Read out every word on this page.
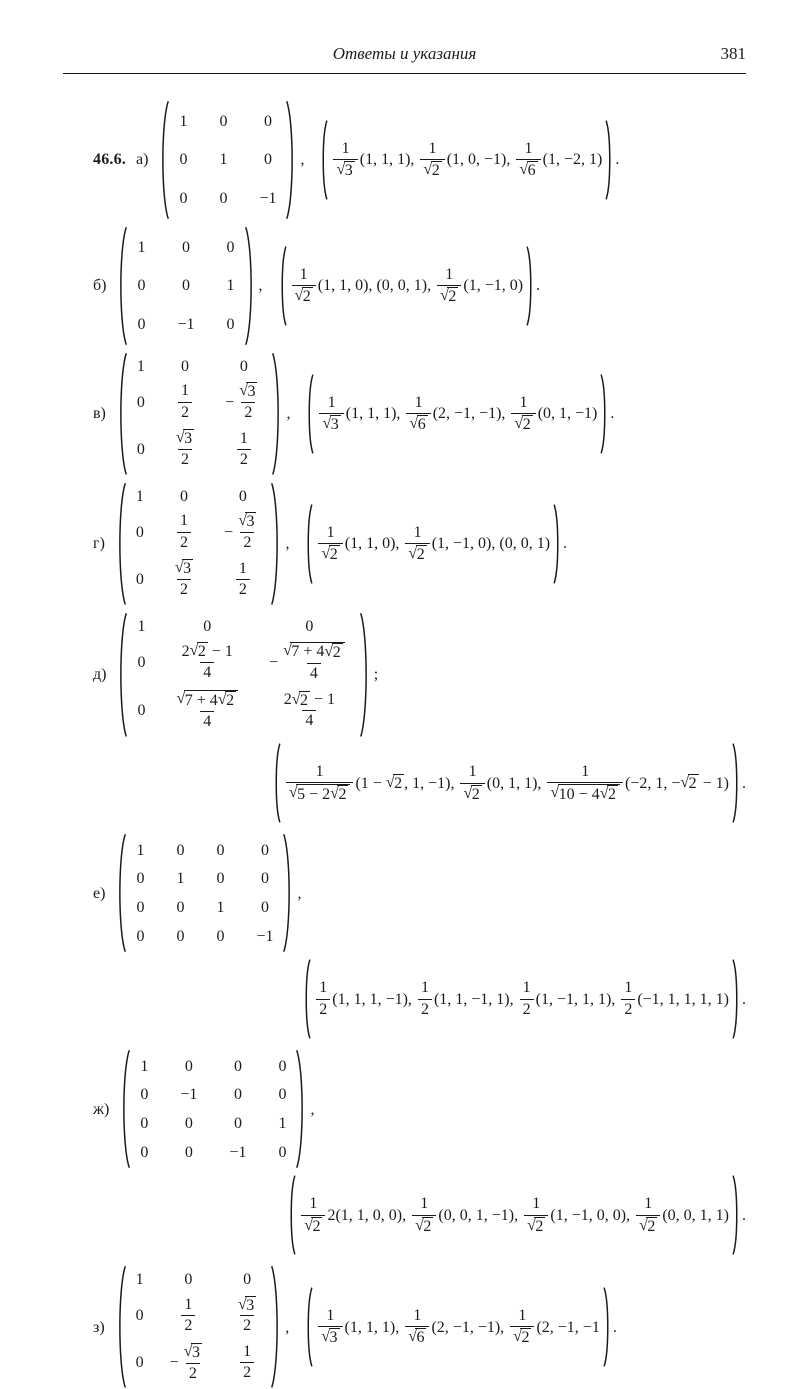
Ответы и указания	381
46.6. а)
1 0 0
0 1 0
0 0 −1
, $\frac{1}{√ 3} (1$, 1, 1), $\frac{1}{√ 2} (1$, 0, −1), $\frac{1}{√ 6} (1$, −2, 1) .
б)
1 0 0
0 0 1
0 −1 0
, $\frac{1}{√ 2} (1$, 1, 0), (0, 0, 1), $\frac{1}{√ 2} (1$, −1, 0) .
в)
1 0	0
$0 \frac{1}{2} - \frac{√ 3}{2}$
$0 \frac{√ 3}{2} \frac{1}{2}$
, $\frac{1}{√ 3} (1$, 1, 1), $\frac{1}{√ 6} (2$, −1, −1), $\frac{1}{√ 2} (0$, 1, −1) .
г)
1 0	0
$0 \frac{1}{2} - \frac{√ 3}{2}$
$0 \frac{√ 3}{2} \frac{1}{2}$
, $\frac{1}{√ 2} (1$, 1, 0), $\frac{1}{√ 2} (1$, −1, 0), (0, 0, 1) .
д)
1	0	0
$0 \frac{2 √ 2 - 1}{4} - \frac{√ 7 + 4 √ 2}{4}$
$0 \frac{√ 7 + 4 √ 2}{4} \frac{2 √ 2 - 1}{4}$
;
$\frac{1}{√ 5 - 2 √ 2} (1$ − √ 2 , 1, −1), $\frac{1}{√ 2} (0$, 1, 1), $\frac{1}{√ 10 - 4 √ 2} (-2$, 1, − √ 2 − 1) .
е)
1 0 0 0
0 1 0 0
0 0 1 0
0 0 0 −1
,
$\frac{1}{2} (1$, 1, 1, −1), $\frac{1}{2} (1$, 1, −1, 1), $\frac{1}{2} (1$, −1, 1, 1), $\frac{1}{2} (-1$, 1, 1, 1, 1) .
ж)
1 0	0 0
0 −1 0 0
0 0	0 1
0 0 −1 0
,
$\frac{1}{√ 2} 2(1$, 1, 0, 0), $\frac{1}{√ 2} (0$, 0, 1, −1), $\frac{1}{√ 2} (1$, −1, 0, 0), $\frac{1}{√ 2} (0$, 0, 1, 1) .
з)
1	0	0
$0 \frac{1}{2} \frac{√ 3}{2}$
$0 - \frac{√ 3}{2} \frac{1}{2}$
, $\frac{1}{√ 3} (1$, 1, 1), $\frac{1}{√ 6} (2$, −1, −1), $\frac{1}{√ 2} (2$, −1, −1 .
